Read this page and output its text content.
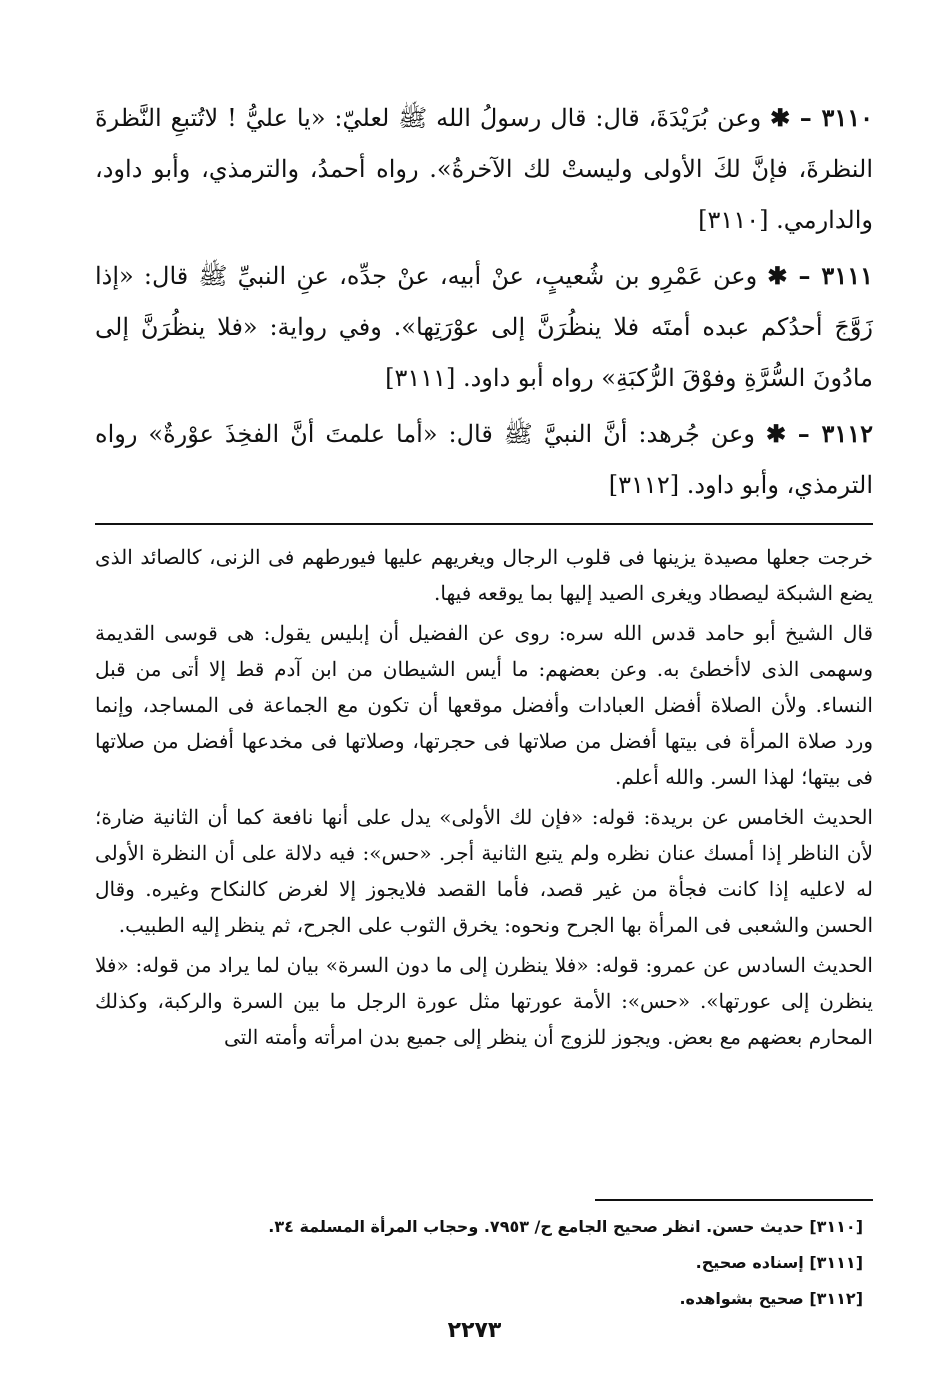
٣١١٠ – ✱ وعن بُرَيْدَةَ، قال: قال رسولُ الله ﷺ لعليّ: «يا عليُّ ! لاتُتبعِ النَّظرةَ النظرةَ، فإنَّ لكَ الأولى وليستْ لك الآخرةُ». رواه أحمدُ، والترمذي، وأبو داود، والدارمي. [٣١١٠]

٣١١١ – ✱ وعن عَمْرِو بن شُعيبٍ، عنْ أبيه، عنْ جدِّه، عنِ النبيِّ ﷺ قال: «إذا زَوَّجَ أحدُكم عبده أمتَه فلا ينظُرَنَّ إلى عوْرَتِها». وفي رواية: «فلا ينظُرَنَّ إلى مادُونَ السُّرَّةِ وفوْقَ الرُّكبَةِ» رواه أبو داود. [٣١١١]

٣١١٢ – ✱ وعن جُرهد: أنَّ النبيَّ ﷺ قال: «أما علمتَ أنَّ الفخِذَ عوْرةٌ» رواه الترمذي، وأبو داود. [٣١١٢]

خرجت جعلها مصيدة يزينها فى قلوب الرجال ويغريهم عليها فيورطهم فى الزنى، كالصائد الذى يضع الشبكة ليصطاد ويغرى الصيد إليها بما يوقعه فيها.

قال الشيخ أبو حامد قدس الله سره: روى عن الفضيل أن إبليس يقول: هى قوسى القديمة وسهمى الذى لاأخطئ به. وعن بعضهم: ما أيس الشيطان من ابن آدم قط إلا أتى من قبل النساء. ولأن الصلاة أفضل العبادات وأفضل موقعها أن تكون مع الجماعة فى المساجد، وإنما ورد صلاة المرأة فى بيتها أفضل من صلاتها فى حجرتها، وصلاتها فى مخدعها أفضل من صلاتها فى بيتها؛ لهذا السر. والله أعلم.

الحديث الخامس عن بريدة: قوله: «فإن لك الأولى» يدل على أنها نافعة كما أن الثانية ضارة؛ لأن الناظر إذا أمسك عنان نظره ولم يتبع الثانية أجر. «حس»: فيه دلالة على أن النظرة الأولى له لاعليه إذا كانت فجأة من غير قصد، فأما القصد فلايجوز إلا لغرض كالنكاح وغيره. وقال الحسن والشعبى فى المرأة بها الجرح ونحوه: يخرق الثوب على الجرح، ثم ينظر إليه الطبيب.

الحديث السادس عن عمرو: قوله: «فلا ينظرن إلى ما دون السرة» بيان لما يراد من قوله: «فلا ينظرن إلى عورتها». «حس»: الأمة عورتها مثل عورة الرجل ما بين السرة والركبة، وكذلك المحارم بعضهم مع بعض. ويجوز للزوج أن ينظر إلى جميع بدن امرأته وأمته التى

[٣١١٠] حديث حسن. انظر صحيح الجامع ح/ ٧٩٥٣. وحجاب المرأة المسلمة ٣٤.

[٣١١١] إسناده صحيح.

[٣١١٢] صحيح بشواهده.

٢٢٧٣
